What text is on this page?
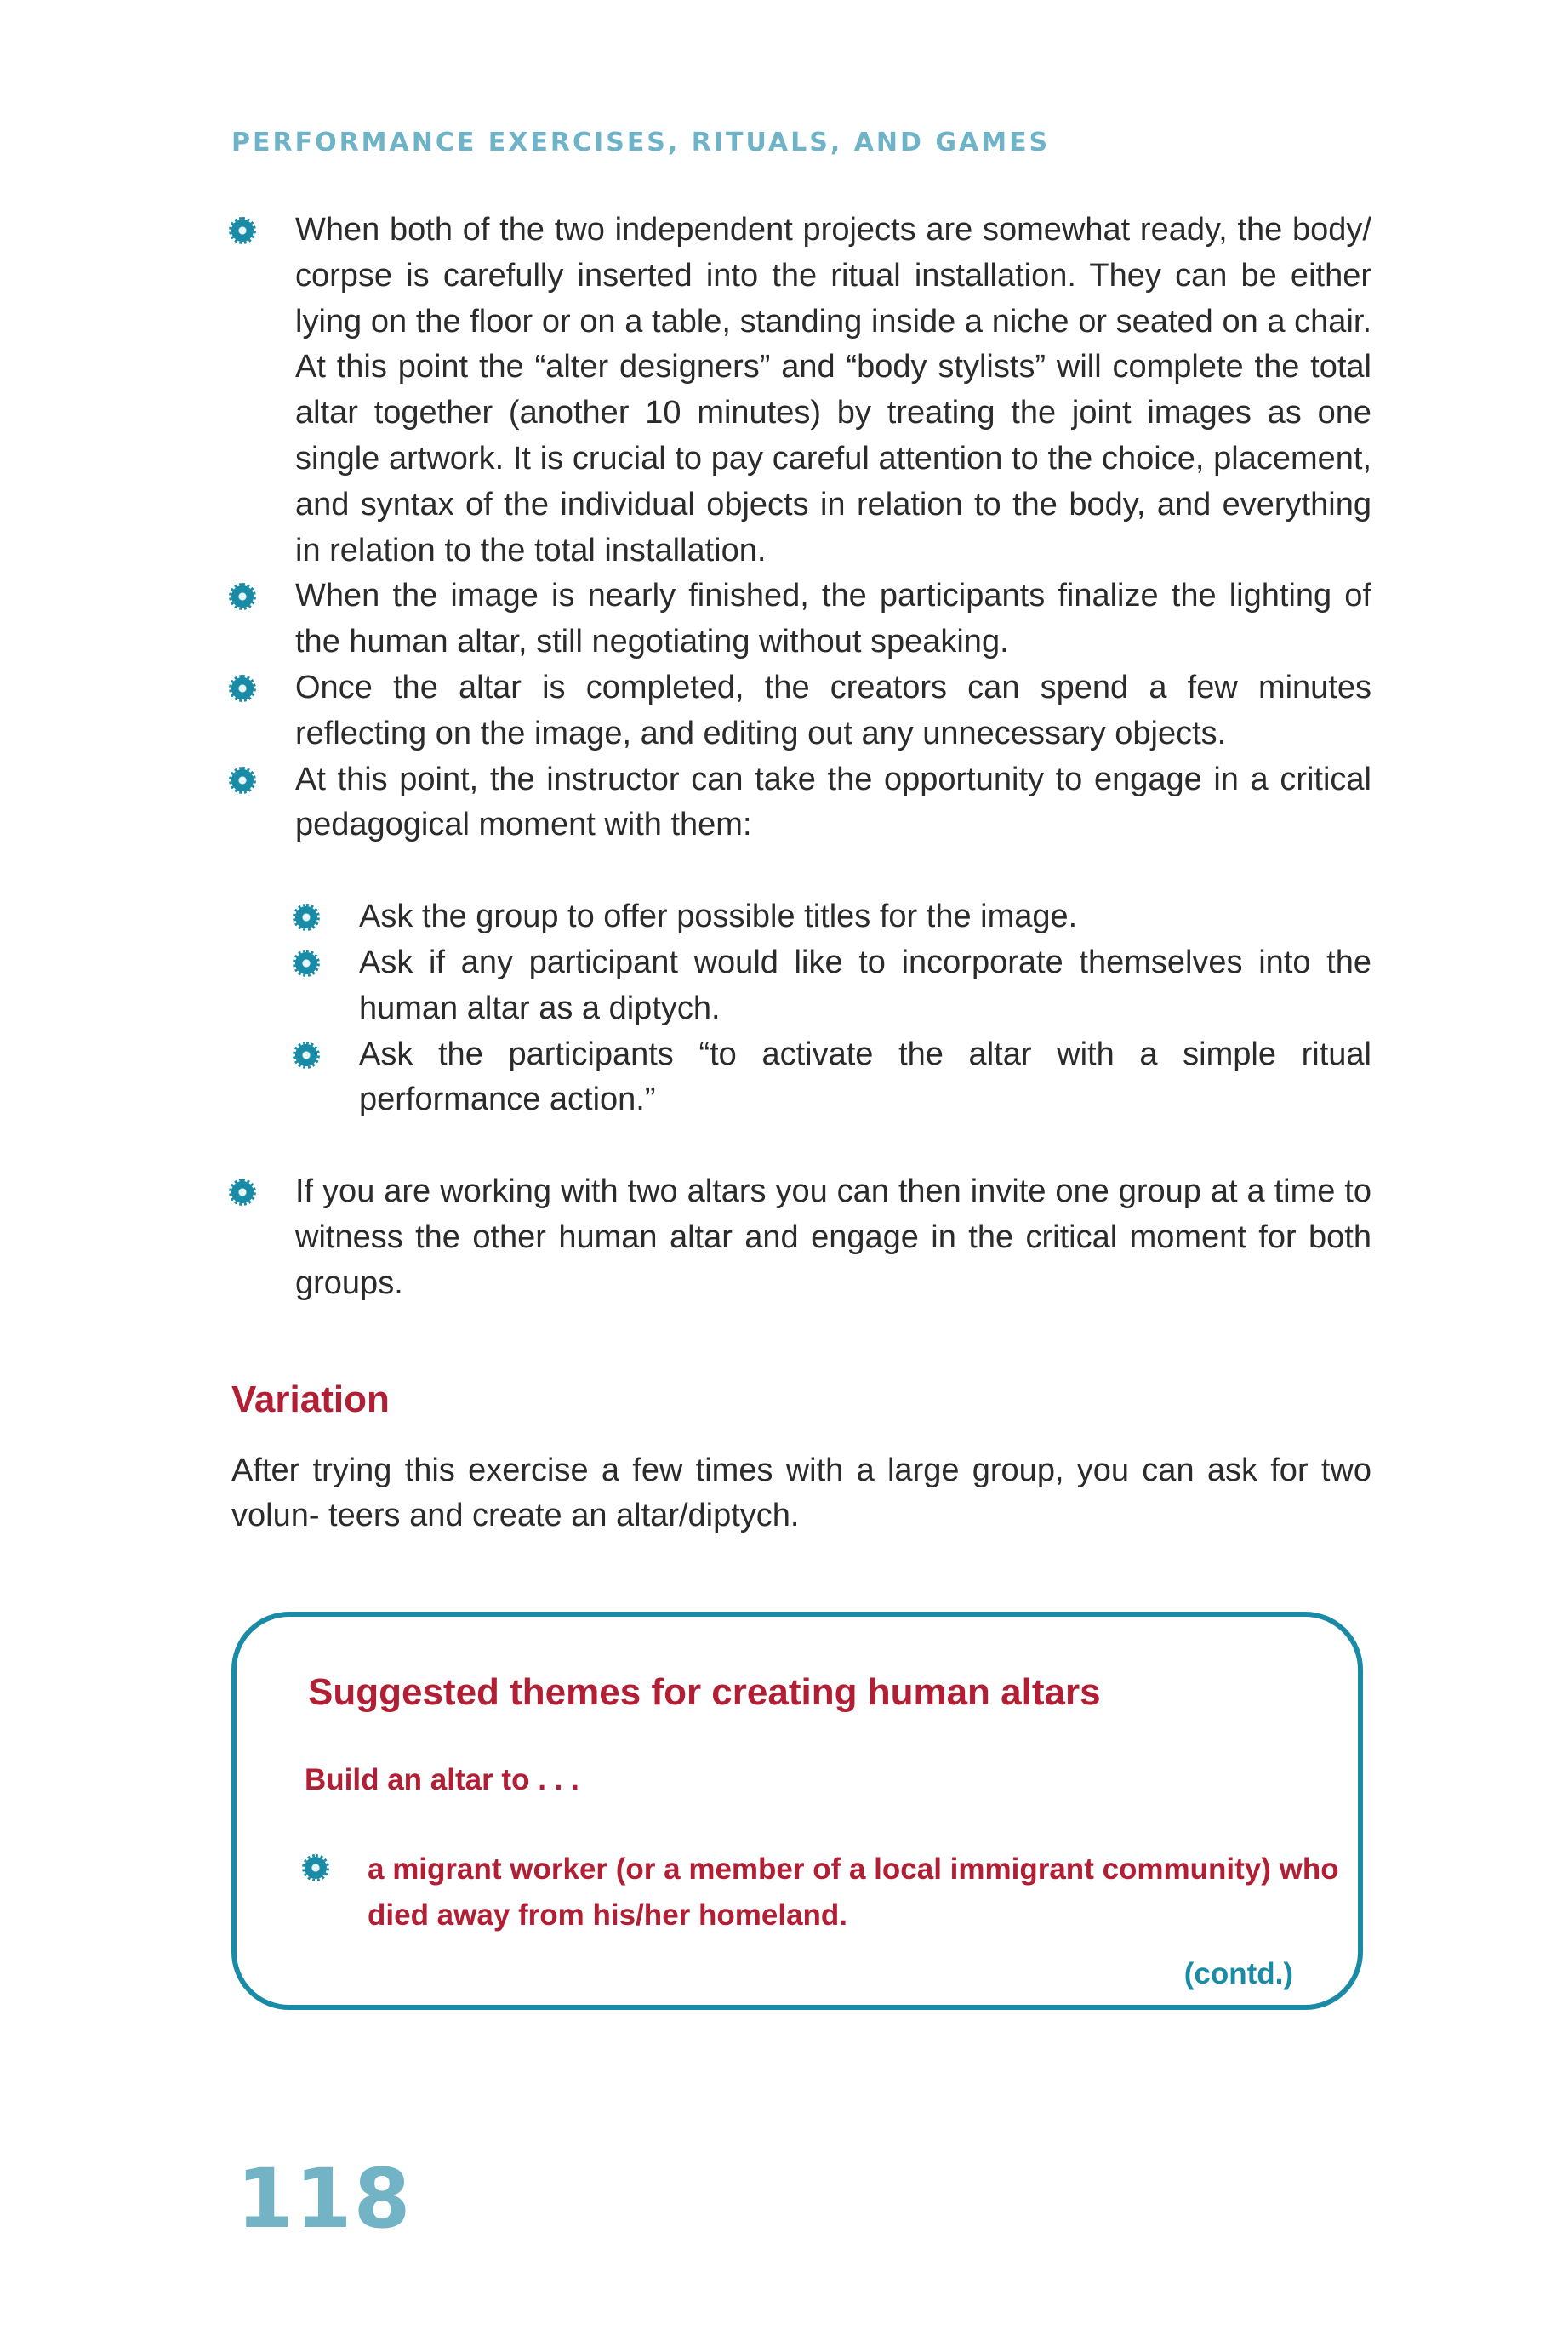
PERFORMANCE EXERCISES, RITUALS, AND GAMES
When both of the two independent projects are somewhat ready, the body/ corpse is carefully inserted into the ritual installation. They can be either lying on the floor or on a table, standing inside a niche or seated on a chair. At this point the “alter designers” and “body stylists” will complete the total altar together (another 10 minutes) by treating the joint images as one single artwork. It is crucial to pay careful attention to the choice, placement, and syntax of the individual objects in relation to the body, and everything in relation to the total installation.
When the image is nearly finished, the participants finalize the lighting of the human altar, still negotiating without speaking.
Once the altar is completed, the creators can spend a few minutes reflecting on the image, and editing out any unnecessary objects.
At this point, the instructor can take the opportunity to engage in a critical pedagogical moment with them:
Ask the group to offer possible titles for the image.
Ask if any participant would like to incorporate themselves into the human altar as a diptych.
Ask the participants “to activate the altar with a simple ritual performance action.”
If you are working with two altars you can then invite one group at a time to witness the other human altar and engage in the critical moment for both groups.
Variation
After trying this exercise a few times with a large group, you can ask for two volun- teers and create an altar/diptych.
Suggested themes for creating human altars
Build an altar to . . .
a migrant worker (or a member of a local immigrant community) who died away from his/her homeland.
(contd.)
118
